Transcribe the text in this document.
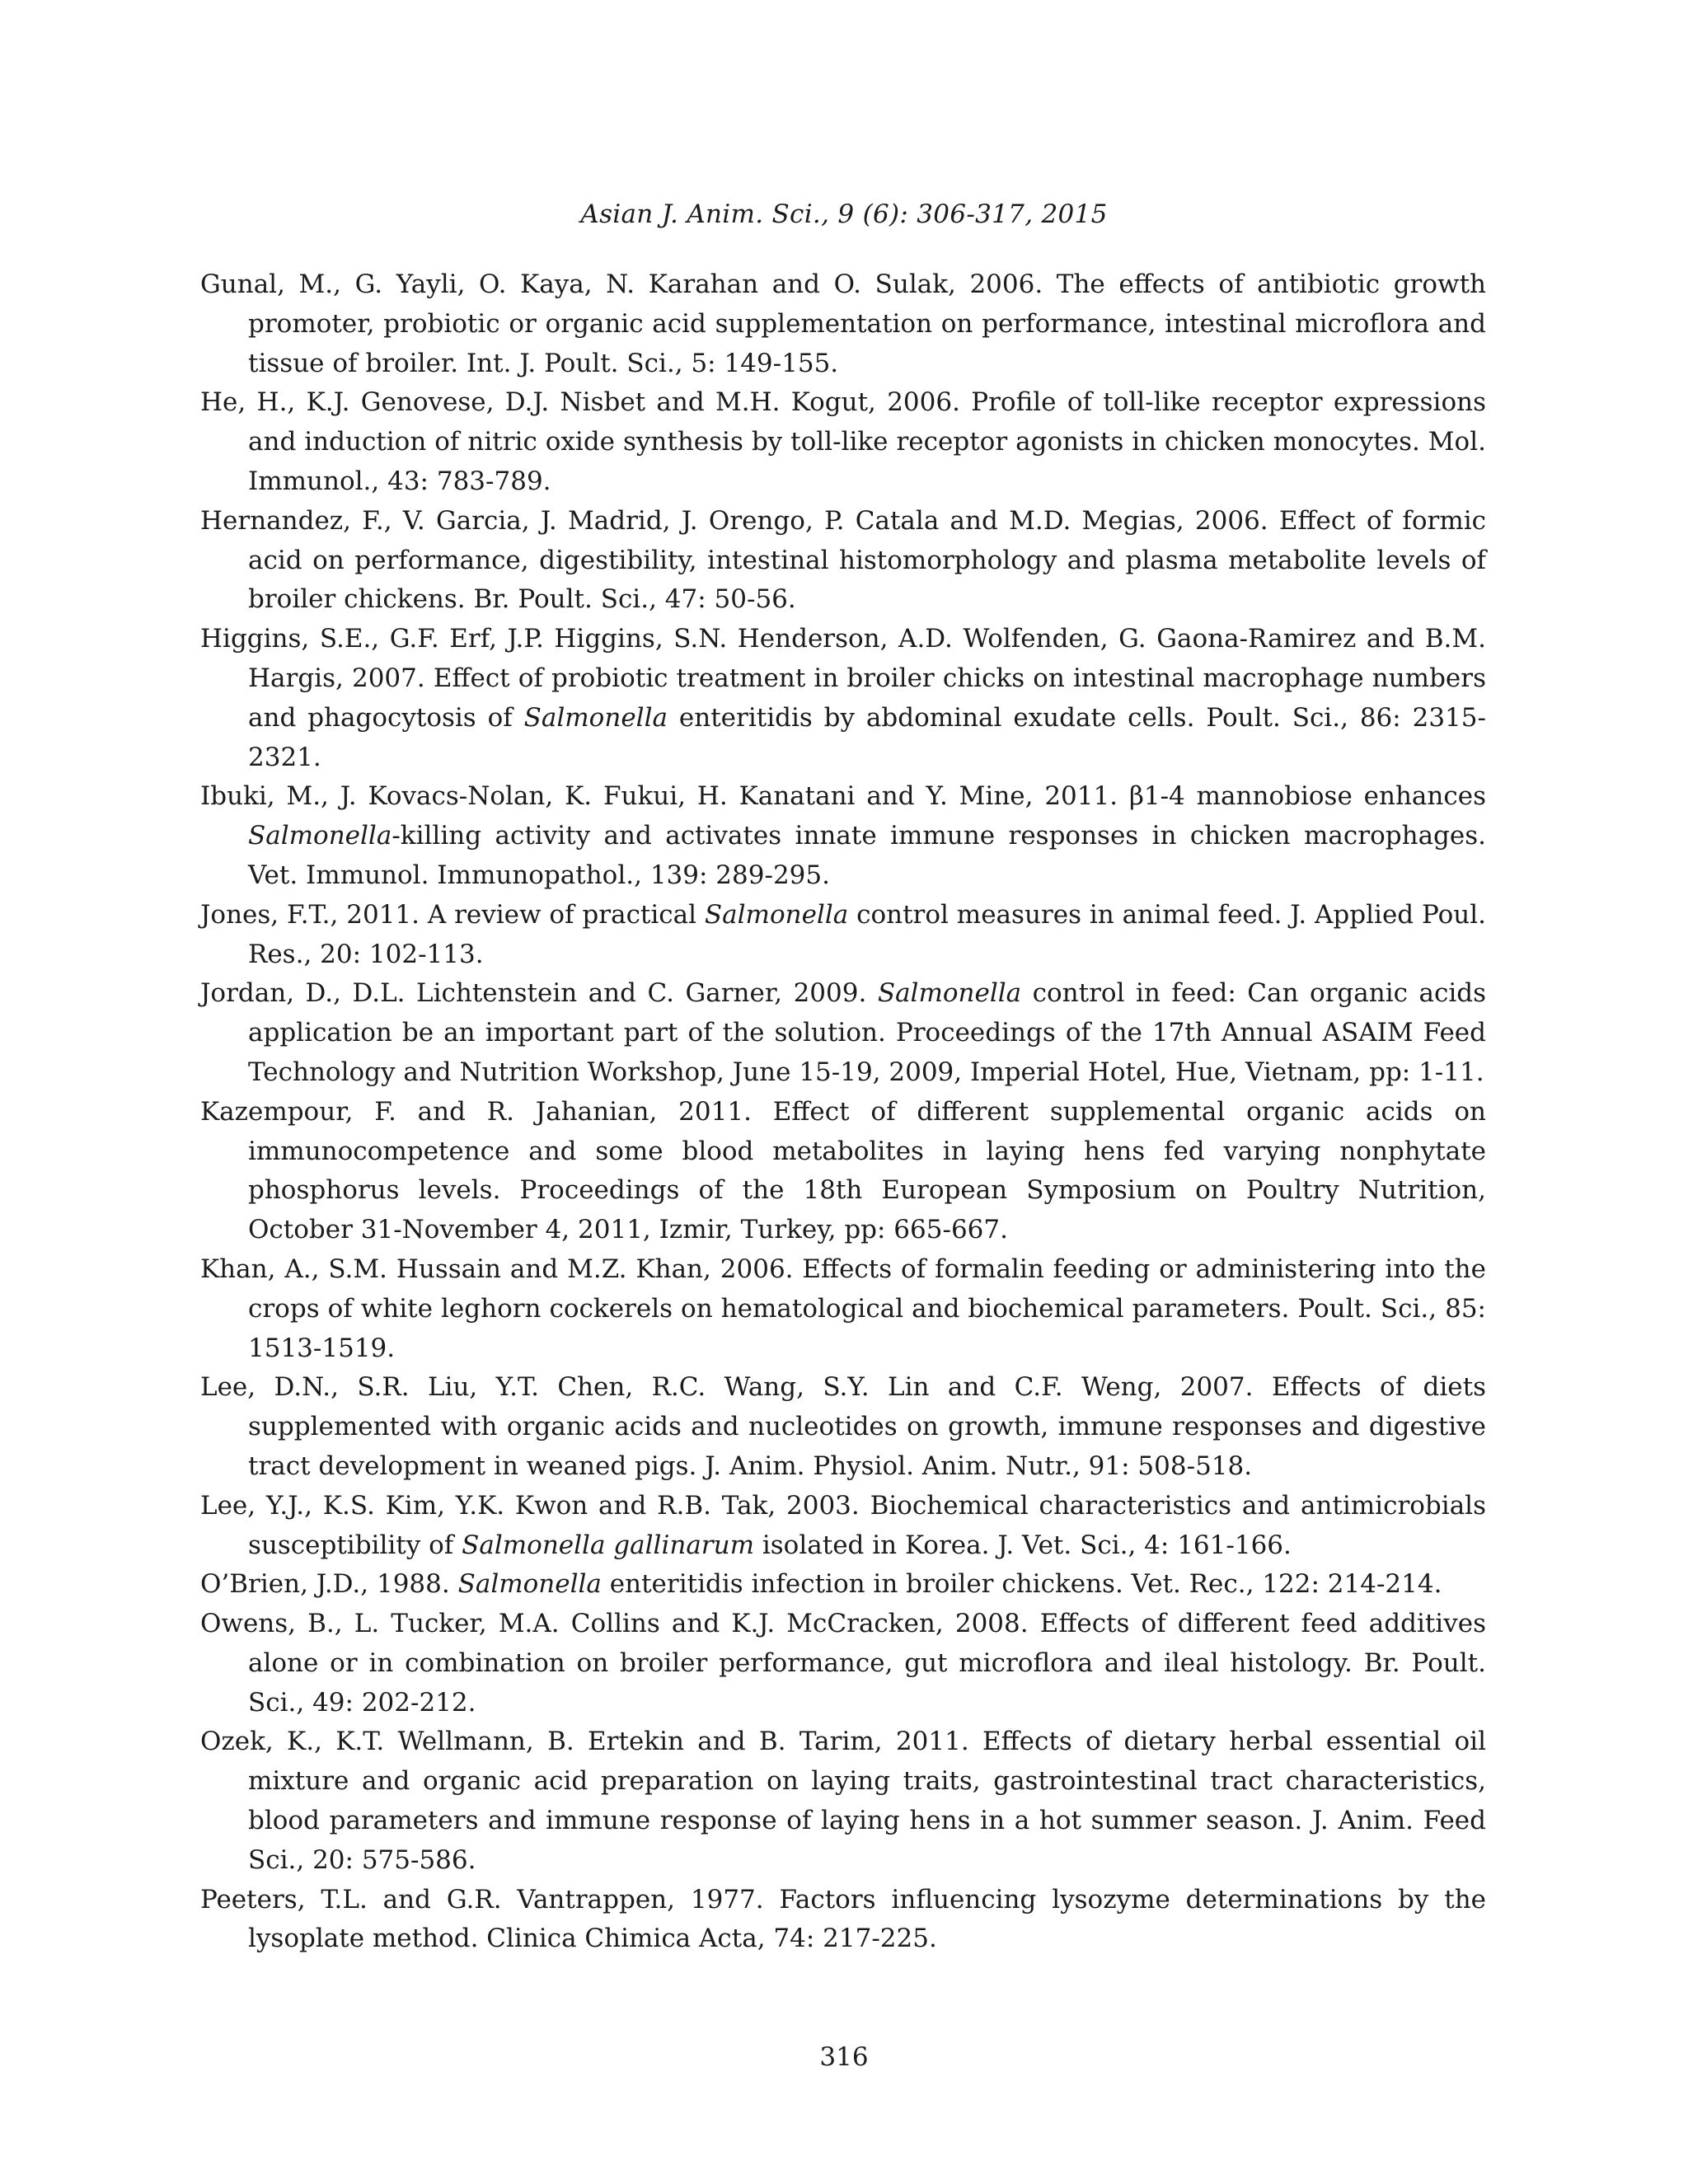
Asian J. Anim. Sci., 9 (6): 306-317, 2015

Gunal, M., G. Yayli, O. Kaya, N. Karahan and O. Sulak, 2006. The effects of antibiotic growth promoter, probiotic or organic acid supplementation on performance, intestinal microflora and tissue of broiler. Int. J. Poult. Sci., 5: 149-155.

He, H., K.J. Genovese, D.J. Nisbet and M.H. Kogut, 2006. Profile of toll-like receptor expressions and induction of nitric oxide synthesis by toll-like receptor agonists in chicken monocytes. Mol. Immunol., 43: 783-789.

Hernandez, F., V. Garcia, J. Madrid, J. Orengo, P. Catala and M.D. Megias, 2006. Effect of formic acid on performance, digestibility, intestinal histomorphology and plasma metabolite levels of broiler chickens. Br. Poult. Sci., 47: 50-56.

Higgins, S.E., G.F. Erf, J.P. Higgins, S.N. Henderson, A.D. Wolfenden, G. Gaona-Ramirez and B.M. Hargis, 2007. Effect of probiotic treatment in broiler chicks on intestinal macrophage numbers and phagocytosis of Salmonella enteritidis by abdominal exudate cells. Poult. Sci., 86: 2315-2321.

Ibuki, M., J. Kovacs-Nolan, K. Fukui, H. Kanatani and Y. Mine, 2011. β1-4 mannobiose enhances Salmonella-killing activity and activates innate immune responses in chicken macrophages. Vet. Immunol. Immunopathol., 139: 289-295.

Jones, F.T., 2011. A review of practical Salmonella control measures in animal feed. J. Applied Poul. Res., 20: 102-113.

Jordan, D., D.L. Lichtenstein and C. Garner, 2009. Salmonella control in feed: Can organic acids application be an important part of the solution. Proceedings of the 17th Annual ASAIM Feed Technology and Nutrition Workshop, June 15-19, 2009, Imperial Hotel, Hue, Vietnam, pp: 1-11.

Kazempour, F. and R. Jahanian, 2011. Effect of different supplemental organic acids on immunocompetence and some blood metabolites in laying hens fed varying nonphytate phosphorus levels. Proceedings of the 18th European Symposium on Poultry Nutrition, October 31-November 4, 2011, Izmir, Turkey, pp: 665-667.

Khan, A., S.M. Hussain and M.Z. Khan, 2006. Effects of formalin feeding or administering into the crops of white leghorn cockerels on hematological and biochemical parameters. Poult. Sci., 85: 1513-1519.

Lee, D.N., S.R. Liu, Y.T. Chen, R.C. Wang, S.Y. Lin and C.F. Weng, 2007. Effects of diets supplemented with organic acids and nucleotides on growth, immune responses and digestive tract development in weaned pigs. J. Anim. Physiol. Anim. Nutr., 91: 508-518.

Lee, Y.J., K.S. Kim, Y.K. Kwon and R.B. Tak, 2003. Biochemical characteristics and antimicrobials susceptibility of Salmonella gallinarum isolated in Korea. J. Vet. Sci., 4: 161-166.

O’Brien, J.D., 1988. Salmonella enteritidis infection in broiler chickens. Vet. Rec., 122: 214-214.

Owens, B., L. Tucker, M.A. Collins and K.J. McCracken, 2008. Effects of different feed additives alone or in combination on broiler performance, gut microflora and ileal histology. Br. Poult. Sci., 49: 202-212.

Ozek, K., K.T. Wellmann, B. Ertekin and B. Tarim, 2011. Effects of dietary herbal essential oil mixture and organic acid preparation on laying traits, gastrointestinal tract characteristics, blood parameters and immune response of laying hens in a hot summer season. J. Anim. Feed Sci., 20: 575-586.

Peeters, T.L. and G.R. Vantrappen, 1977. Factors influencing lysozyme determinations by the lysoplate method. Clinica Chimica Acta, 74: 217-225.

316
